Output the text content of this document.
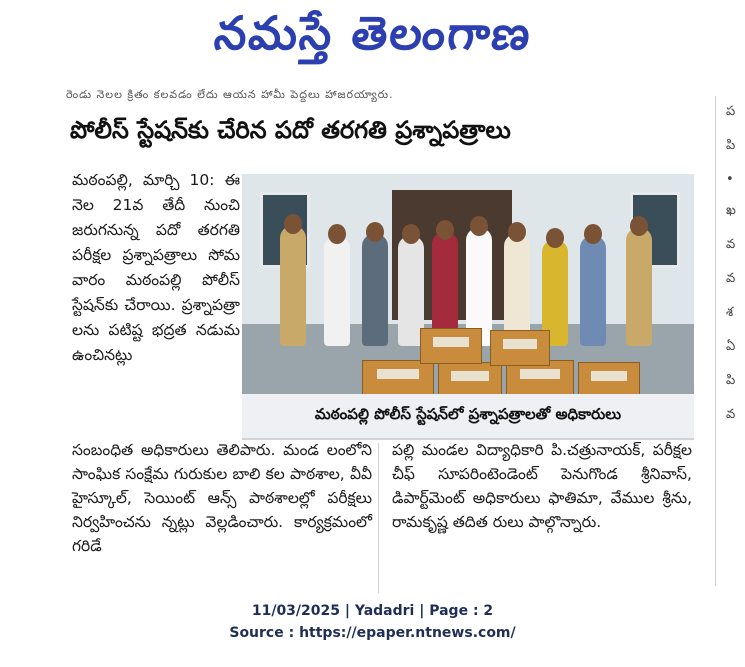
నమస్తే తెలంగాణ
రెండు నెలల క్రితం కలవడం లేదు ఆయన హామీ పెద్దలు హాజరయ్యారు.
పోలీస్ స్టేషన్‌కు చేరిన పదో తరగతి ప్రశ్నాపత్రాలు
మఠంపల్లి, మార్చి 10: ఈ నెల 21వ తేదీ నుంచి జరుగనున్న పదో తరగతి పరీక్షల ప్రశ్నాపత్రాలు సోమ వారం మఠంపల్లి పోలీస్ స్టేషన్‌కు చేరాయి. ప్రశ్నాపత్రా లను పటిష్ట భద్రత నడుమ ఉంచినట్లు
మఠంపల్లి పోలీస్ స్టేషన్‌లో ప్రశ్నాపత్రాలతో అధికారులు
సంబంధిత అధికారులు తెలిపారు. మండ లంలోని సాంఘిక సంక్షేమ గురుకుల బాలి కల పాఠశాల, వీవీ హైస్కూల్, సెయింట్ ఆన్స్ పాఠశాలల్లో పరీక్షలు నిర్వహించను న్నట్లు వెల్లడించారు. కార్యక్రమంలో గరిడే
పల్లి మండల విద్యాధికారి పి.చత్రునాయక్, పరీక్షల చీఫ్ సూపరింటెండెంట్ పెనుగొండ శ్రీనివాస్, డిపార్ట్‌మెంట్ అధికారులు ఫాతిమా, వేముల శ్రీను, రామకృష్ణ తదిత రులు పాల్గొన్నారు.
ప
పి
•
ఖ
వ
వ
శ
ఏ
పి
వ
11/03/2025 | Yadadri | Page : 2
Source : https://epaper.ntnews.com/
